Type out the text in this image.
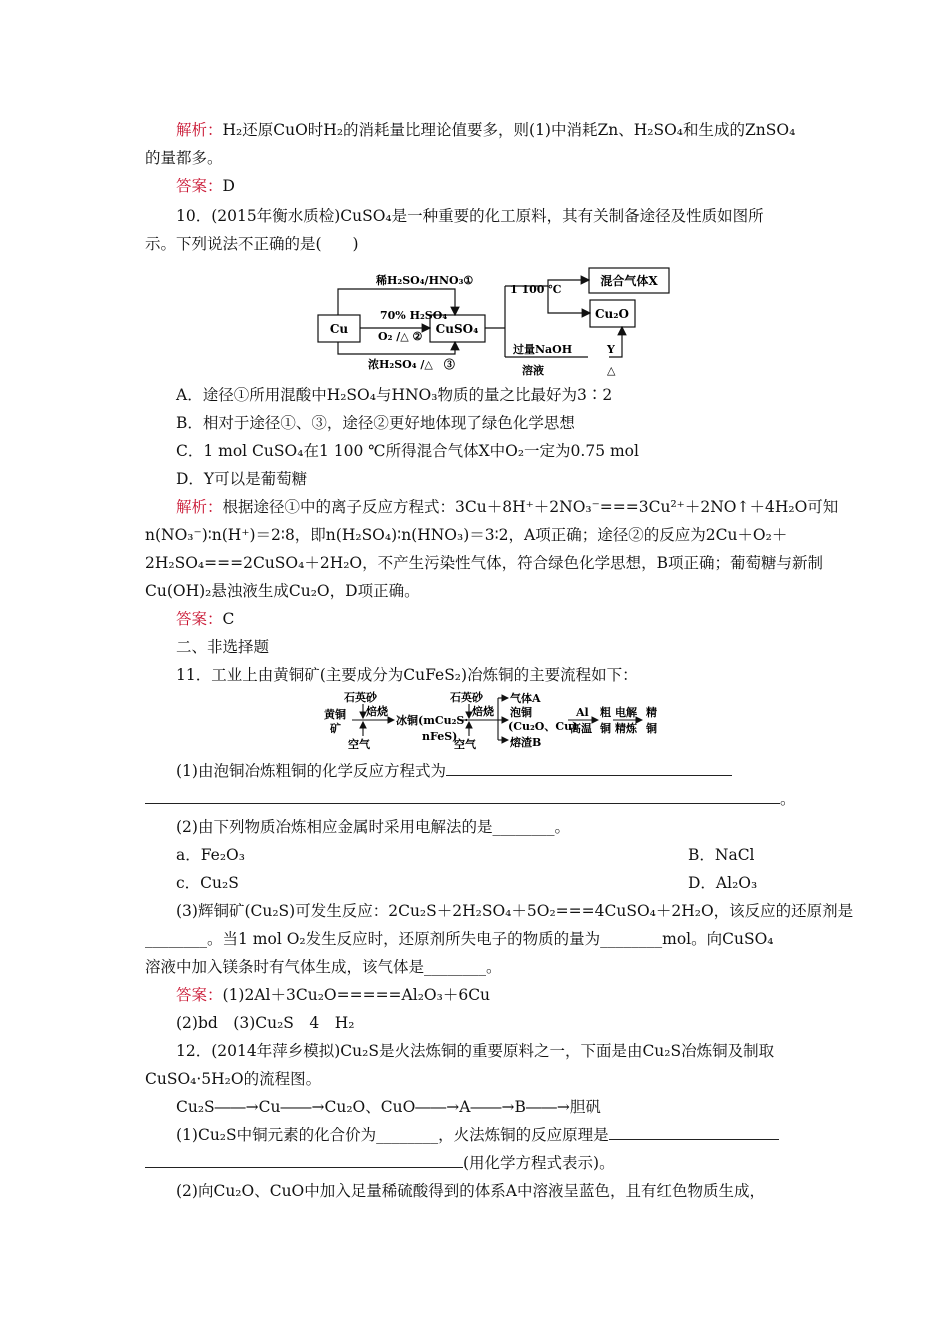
解析：H₂还原CuO时H₂的消耗量比理论值要多，则(1)中消耗Zn、H₂SO₄和生成的ZnSO₄
的量都多。
答案：D
10．(2015年衡水质检)CuSO₄是一种重要的化工原料，其有关制备途径及性质如图所
示。下列说法不正确的是(　　)
稀H₂SO₄/HNO₃①
70% H₂SO₄
O₂ /△ ②
浓H₂SO₄ /△　③
Cu	CuSO₄
1 100 ℃
混合气体X
Cu₂O
过量NaOH
溶液
Y
△
A．途径①所用混酸中H₂SO₄与HNO₃物质的量之比最好为3∶2
B．相对于途径①、③，途径②更好地体现了绿色化学思想
C．1 mol CuSO₄在1 100 ℃所得混合气体X中O₂一定为0.75 mol
D．Y可以是葡萄糖
解析：根据途径①中的离子反应方程式：3Cu＋8H⁺＋2NO₃⁻===3Cu²⁺＋2NO↑＋4H₂O可知
n(NO₃⁻)∶n(H⁺)＝2∶8，即n(H₂SO₄)∶n(HNO₃)＝3∶2，A项正确；途径②的反应为2Cu＋O₂＋
2H₂SO₄===2CuSO₄＋2H₂O，不产生污染性气体，符合绿色化学思想，B项正确；葡萄糖与新制
Cu(OH)₂悬浊液生成Cu₂O，D项正确。
答案：C
二、非选择题
11．工业上由黄铜矿(主要成分为CuFeS₂)冶炼铜的主要流程如下：
黄铜
矿
石英砂
焙烧
空气
冰铜(mCu₂S·
nFeS)
石英砂
焙烧
空气
气体A
泡铜
(Cu₂O、Cu)
熔渣B
Al
高温
粗
铜
电解
精炼
精
铜
(1)由泡铜冶炼粗铜的化学反应方程式为
。
(2)由下列物质冶炼相应金属时采用电解法的是________。
a．Fe₂O₃	B．NaCl
c．Cu₂S	D．Al₂O₃
(3)辉铜矿(Cu₂S)可发生反应：2Cu₂S＋2H₂SO₄＋5O₂===4CuSO₄＋2H₂O，该反应的还原剂是
________。当1 mol O₂发生反应时，还原剂所失电子的物质的量为________mol。向CuSO₄
溶液中加入镁条时有气体生成，该气体是________。
答案：(1)2Al＋3Cu₂O=====Al₂O₃＋6Cu
(2)bd　(3)Cu₂S　4　H₂
12．(2014年萍乡模拟)Cu₂S是火法炼铜的重要原料之一，下面是由Cu₂S冶炼铜及制取
CuSO₄·5H₂O的流程图。
Cu₂S――→Cu――→Cu₂O、CuO――→A――→B――→胆矾
(1)Cu₂S中铜元素的化合价为________，火法炼铜的反应原理是
(用化学方程式表示)。
(2)向Cu₂O、CuO中加入足量稀硫酸得到的体系A中溶液呈蓝色，且有红色物质生成，
